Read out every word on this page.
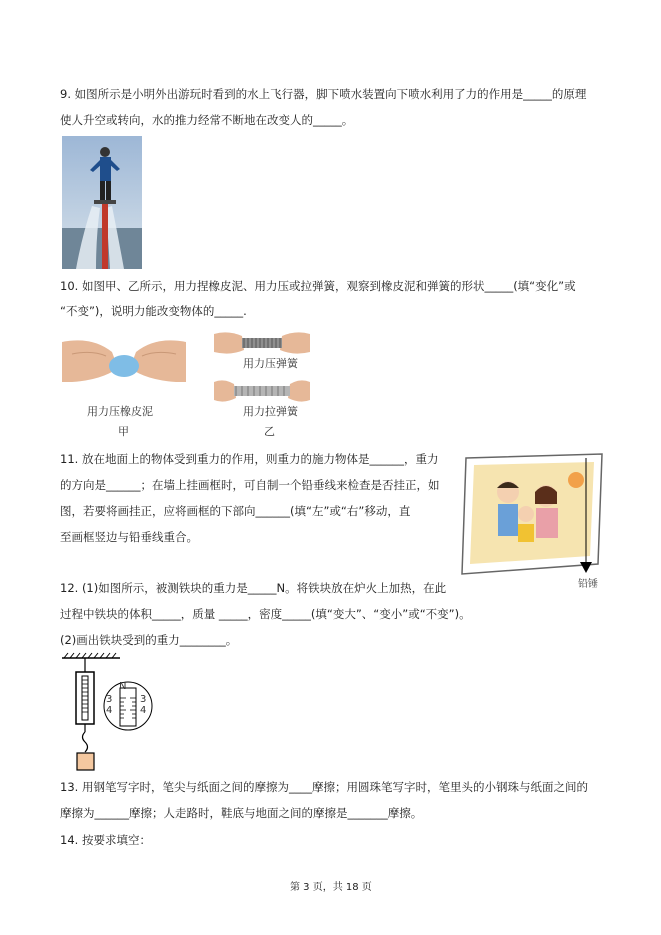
9. 如图所示是小明外出游玩时看到的水上飞行器，脚下喷水装置向下喷水利用了力的作用是_____的原理
使人升空或转向，水的推力经常不断地在改变人的_____。
10. 如图甲、乙所示，用力捏橡皮泥、用力压或拉弹簧，观察到橡皮泥和弹簧的形状_____(填“变化”或
“不变”)，说明力能改变物体的_____.
用力压橡皮泥
甲
用力压弹簧
用力拉弹簧
乙
11. 放在地面上的物体受到重力的作用，则重力的施力物体是______，重力
的方向是______；在墙上挂画框时，可自制一个铅垂线来检查是否挂正，如
图，若要将画挂正，应将画框的下部向______(填“左”或“右”移动，直
至画框竖边与铅垂线重合。
铅锤
12. (1)如图所示，被测铁块的重力是_____N。将铁块放在炉火上加热，在此
过程中铁块的体积_____，质量 _____，密度_____(填“变大”、“变小”或“不变”)。
(2)画出铁块受到的重力________。
N
3
4
3
4
13. 用钢笔写字时，笔尖与纸面之间的摩擦为____摩擦；用圆珠笔写字时，笔里头的小钢珠与纸面之间的
摩擦为______摩擦；人走路时，鞋底与地面之间的摩擦是_______摩擦。
14. 按要求填空：
第 3 页，共 18 页
